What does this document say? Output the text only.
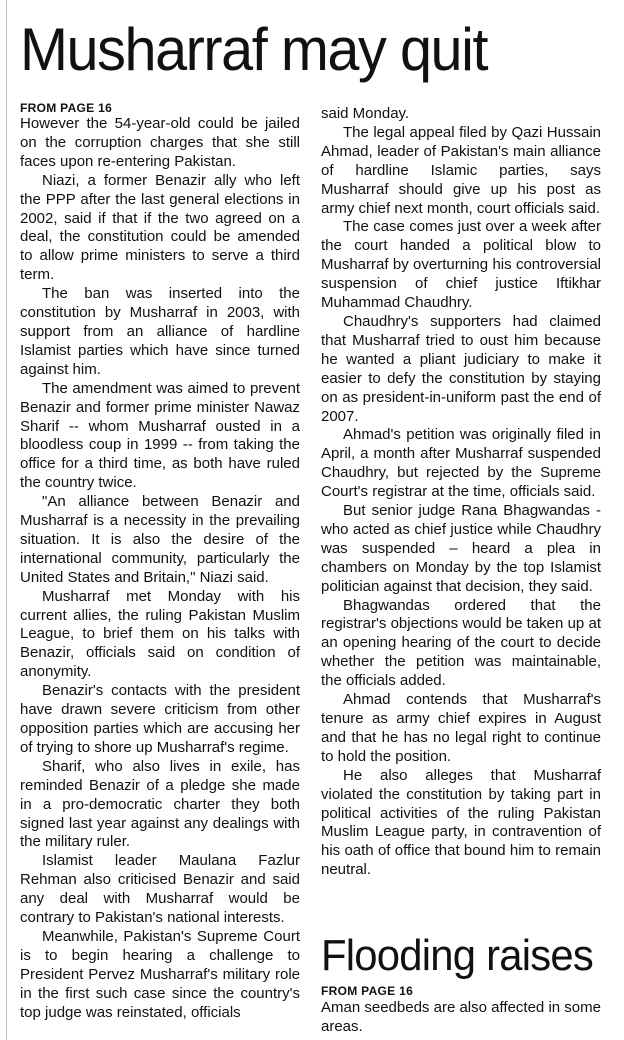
Musharraf may quit

FROM PAGE 16

However the 54-year-old could be jailed on the corruption charges that she still faces upon re-entering Pakistan.

Niazi, a former Benazir ally who left the PPP after the last general elections in 2002, said if that if the two agreed on a deal, the constitution could be amended to allow prime ministers to serve a third term.

The ban was inserted into the constitution by Musharraf in 2003, with support from an alliance of hardline Islamist parties which have since turned against him.

The amendment was aimed to prevent Benazir and former prime minister Nawaz Sharif -- whom Musharraf ousted in a bloodless coup in 1999 -- from taking the office for a third time, as both have ruled the country twice.

"An alliance between Benazir and Musharraf is a necessity in the prevailing situation. It is also the desire of the international community, particularly the United States and Britain," Niazi said.

Musharraf met Monday with his current allies, the ruling Pakistan Muslim League, to brief them on his talks with Benazir, officials said on condition of anonymity.

Benazir's contacts with the president have drawn severe criticism from other opposition parties which are accusing her of trying to shore up Musharraf's regime.

Sharif, who also lives in exile, has reminded Benazir of a pledge she made in a pro-democratic charter they both signed last year against any dealings with the military ruler.

Islamist leader Maulana Fazlur Rehman also criticised Benazir and said any deal with Musharraf would be contrary to Pakistan's national interests.

Meanwhile, Pakistan's Supreme Court is to begin hearing a challenge to President Pervez Musharraf's military role in the first such case since the country's top judge was reinstated, officials

said Monday.

The legal appeal filed by Qazi Hussain Ahmad, leader of Pakistan's main alliance of hardline Islamic parties, says Musharraf should give up his post as army chief next month, court officials said.

The case comes just over a week after the court handed a political blow to Musharraf by overturning his controversial suspension of chief justice Iftikhar Muhammad Chaudhry.

Chaudhry's supporters had claimed that Musharraf tried to oust him because he wanted a pliant judiciary to make it easier to defy the constitution by staying on as president-in-uniform past the end of 2007.

Ahmad's petition was originally filed in April, a month after Musharraf suspended Chaudhry, but rejected by the Supreme Court's registrar at the time, officials said.

But senior judge Rana Bhagwandas - who acted as chief justice while Chaudhry was suspended – heard a plea in chambers on Monday by the top Islamist politician against that decision, they said.

Bhagwandas ordered that the registrar's objections would be taken up at an opening hearing of the court to decide whether the petition was maintainable, the officials added.

Ahmad contends that Musharraf's tenure as army chief expires in August and that he has no legal right to continue to hold the position.

He also alleges that Musharraf violated the constitution by taking part in political activities of the ruling Pakistan Muslim League party, in contravention of his oath of office that bound him to remain neutral.

Flooding raises

FROM PAGE 16

Aman seedbeds are also affected in some areas.
